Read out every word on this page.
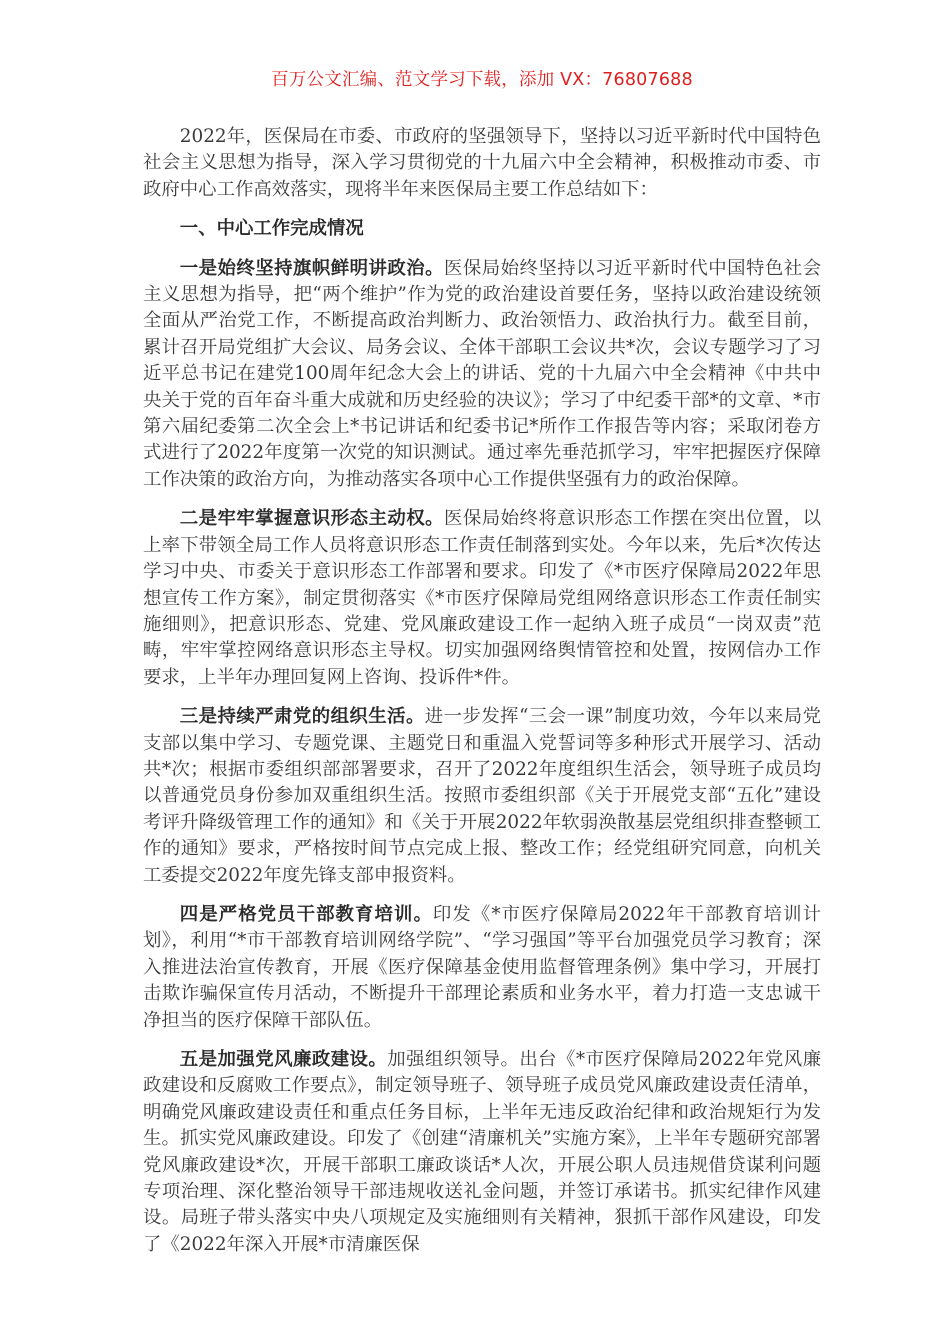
百万公文汇编、范文学习下载，添加 VX：76807688

2022年，医保局在市委、市政府的坚强领导下，坚持以习近平新时代中国特色社会主义思想为指导，深入学习贯彻党的十九届六中全会精神，积极推动市委、市政府中心工作高效落实，现将半年来医保局主要工作总结如下：

一、中心工作完成情况

一是始终坚持旗帜鲜明讲政治。医保局始终坚持以习近平新时代中国特色社会主义思想为指导，把“两个维护”作为党的政治建设首要任务，坚持以政治建设统领全面从严治党工作，不断提高政治判断力、政治领悟力、政治执行力。截至目前，累计召开局党组扩大会议、局务会议、全体干部职工会议共*次，会议专题学习了习近平总书记在建党100周年纪念大会上的讲话、党的十九届六中全会精神《中共中央关于党的百年奋斗重大成就和历史经验的决议》；学习了中纪委干部*的文章、*市第六届纪委第二次全会上*书记讲话和纪委书记*所作工作报告等内容；采取闭卷方式进行了2022年度第一次党的知识测试。通过率先垂范抓学习，牢牢把握医疗保障工作决策的政治方向，为推动落实各项中心工作提供坚强有力的政治保障。

二是牢牢掌握意识形态主动权。医保局始终将意识形态工作摆在突出位置，以上率下带领全局工作人员将意识形态工作责任制落到实处。今年以来，先后*次传达学习中央、市委关于意识形态工作部署和要求。印发了《*市医疗保障局2022年思想宣传工作方案》，制定贯彻落实《*市医疗保障局党组网络意识形态工作责任制实施细则》，把意识形态、党建、党风廉政建设工作一起纳入班子成员“一岗双责”范畴，牢牢掌控网络意识形态主导权。切实加强网络舆情管控和处置，按网信办工作要求，上半年办理回复网上咨询、投诉件*件。

三是持续严肃党的组织生活。进一步发挥“三会一课”制度功效，今年以来局党支部以集中学习、专题党课、主题党日和重温入党誓词等多种形式开展学习、活动共*次；根据市委组织部部署要求，召开了2022年度组织生活会，领导班子成员均以普通党员身份参加双重组织生活。按照市委组织部《关于开展党支部“五化”建设考评升降级管理工作的通知》和《关于开展2022年软弱涣散基层党组织排查整顿工作的通知》要求，严格按时间节点完成上报、整改工作；经党组研究同意，向机关工委提交2022年度先锋支部申报资料。

四是严格党员干部教育培训。印发《*市医疗保障局2022年干部教育培训计划》，利用“*市干部教育培训网络学院”、“学习强国”等平台加强党员学习教育；深入推进法治宣传教育，开展《医疗保障基金使用监督管理条例》集中学习，开展打击欺诈骗保宣传月活动，不断提升干部理论素质和业务水平，着力打造一支忠诚干净担当的医疗保障干部队伍。

五是加强党风廉政建设。加强组织领导。出台《*市医疗保障局2022年党风廉政建设和反腐败工作要点》，制定领导班子、领导班子成员党风廉政建设责任清单，明确党风廉政建设责任和重点任务目标，上半年无违反政治纪律和政治规矩行为发生。抓实党风廉政建设。印发了《创建“清廉机关”实施方案》，上半年专题研究部署党风廉政建设*次，开展干部职工廉政谈话*人次，开展公职人员违规借贷谋利问题专项治理、深化整治领导干部违规收送礼金问题，并签订承诺书。抓实纪律作风建设。局班子带头落实中央八项规定及实施细则有关精神，狠抓干部作风建设，印发了《2022年深入开展*市清廉医保
